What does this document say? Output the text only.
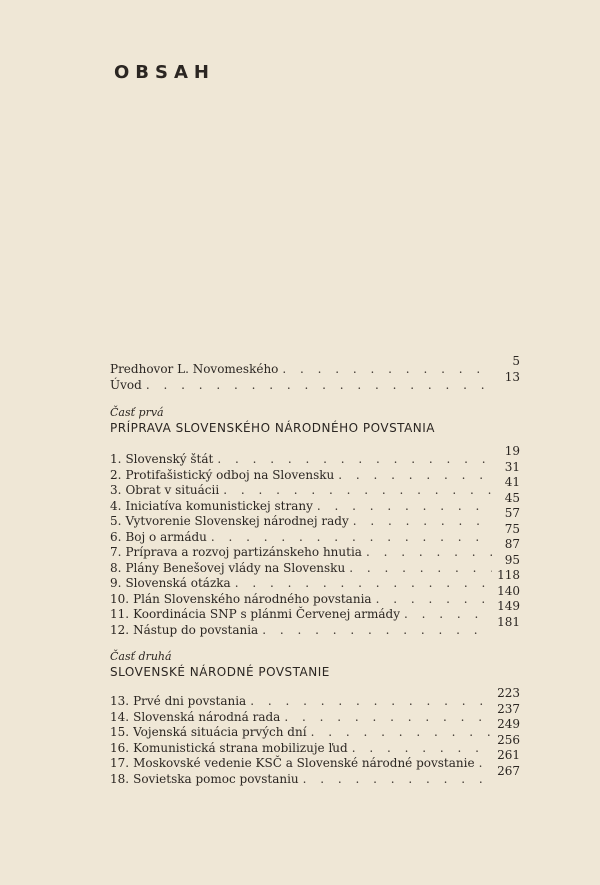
OBSAH
Predhovor L. Novomeského
. . .
5
Úvod
. . .
13
Časť prvá
PRÍPRAVA SLOVENSKÉHO NÁRODNÉHO POVSTANIA
1. Slovenský štát
. . .
19
2. Protifašistický odboj na Slovensku
. . .
31
3. Obrat v situácii
. . .
41
4. Iniciatíva komunistickej strany
. . .
45
5. Vytvorenie Slovenskej národnej rady
. . .
57
6. Boj o armádu
. . .
75
7. Príprava a rozvoj partizánskeho hnutia
. . .
87
8. Plány Benešovej vlády na Slovensku
. . .
95
9. Slovenská otázka
. . .
118
10. Plán Slovenského národného povstania
. . .
140
11. Koordinácia SNP s plánmi Červenej armády
. . .
149
12. Nástup do povstania
. . .
181
Časť druhá
SLOVENSKÉ NÁRODNÉ POVSTANIE
13. Prvé dni povstania
. . .
223
14. Slovenská národná rada
. . .
237
15. Vojenská situácia prvých dní
. . .
249
16. Komunistická strana mobilizuje ľud
. . .
256
17. Moskovské vedenie KSČ a Slovenské národné povstanie
. . .
261
18. Sovietska pomoc povstaniu
. . .
267
